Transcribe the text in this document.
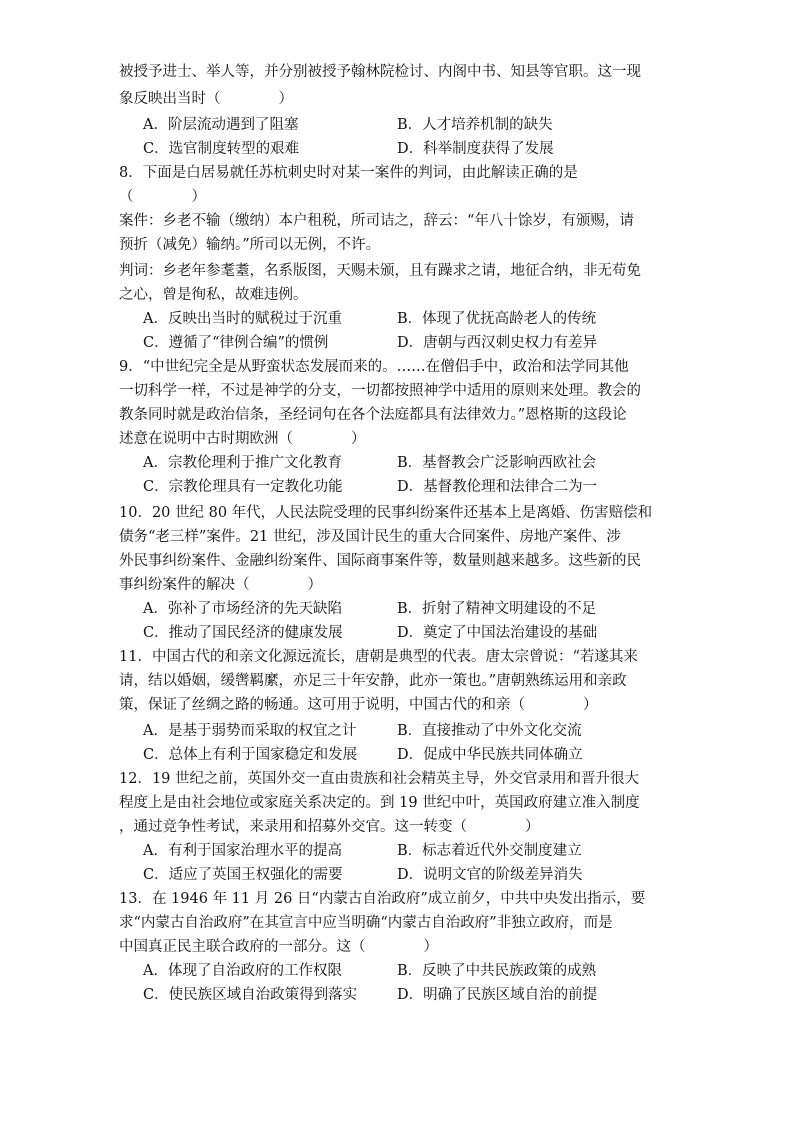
被授予进士、举人等，并分别被授予翰林院检讨、内阁中书、知县等官职。这一现
象反映出当时（　　　　）
A．阶层流动遇到了阻塞	B．人才培养机制的缺失
C．选官制度转型的艰难	D．科举制度获得了发展
8．下面是白居易就任苏杭刺史时对某一案件的判词，由此解读正确的是
（　　　　）
案件：乡老不输（缴纳）本户租税，所司诘之，辞云：“年八十馀岁，有颁赐，请
预折（减免）输纳。”所司以无例，不许。
判词：乡老年参耄耋，名系版图，天赐未颁，且有躁求之请，地征合纳，非无苟免
之心，曾是徇私，故难违例。
A．反映出当时的赋税过于沉重	B．体现了优抚高龄老人的传统
C．遵循了“律例合编”的惯例	D．唐朝与西汉刺史权力有差异
9．“中世纪完全是从野蛮状态发展而来的。……在僧侣手中，政治和法学同其他
一切科学一样，不过是神学的分支，一切都按照神学中适用的原则来处理。教会的
教条同时就是政治信条，圣经词句在各个法庭都具有法律效力。”恩格斯的这段论
述意在说明中古时期欧洲（　　　　）
A．宗教伦理利于推广文化教育	B．基督教会广泛影响西欧社会
C．宗教伦理具有一定教化功能	D．基督教伦理和法律合二为一
10．20 世纪 80 年代，人民法院受理的民事纠纷案件还基本上是离婚、伤害赔偿和
债务“老三样”案件。21 世纪，涉及国计民生的重大合同案件、房地产案件、涉
外民事纠纷案件、金融纠纷案件、国际商事案件等，数量则越来越多。这些新的民
事纠纷案件的解决（　　　　）
A．弥补了市场经济的先天缺陷	B．折射了精神文明建设的不足
C．推动了国民经济的健康发展	D．奠定了中国法治建设的基础
11．中国古代的和亲文化源远流长，唐朝是典型的代表。唐太宗曾说：“若遂其来
请，结以婚姻，缓辔羁縻，亦足三十年安静，此亦一策也。”唐朝熟练运用和亲政
策，保证了丝绸之路的畅通。这可用于说明，中国古代的和亲（　　　　）
A．是基于弱势而采取的权宜之计	B．直接推动了中外文化交流
C．总体上有利于国家稳定和发展	D．促成中华民族共同体确立
12．19 世纪之前，英国外交一直由贵族和社会精英主导，外交官录用和晋升很大
程度上是由社会地位或家庭关系决定的。到 19 世纪中叶，英国政府建立准入制度
，通过竞争性考试，来录用和招募外交官。这一转变（　　　　）
A．有利于国家治理水平的提高	B．标志着近代外交制度建立
C．适应了英国王权强化的需要	D．说明文官的阶级差异消失
13．在 1946 年 11 月 26 日“内蒙古自治政府”成立前夕，中共中央发出指示，要
求“内蒙古自治政府”在其宣言中应当明确“内蒙古自治政府”非独立政府，而是
中国真正民主联合政府的一部分。这（　　　　）
A．体现了自治政府的工作权限	B．反映了中共民族政策的成熟
C．使民族区域自治政策得到落实	D．明确了民族区域自治的前提
